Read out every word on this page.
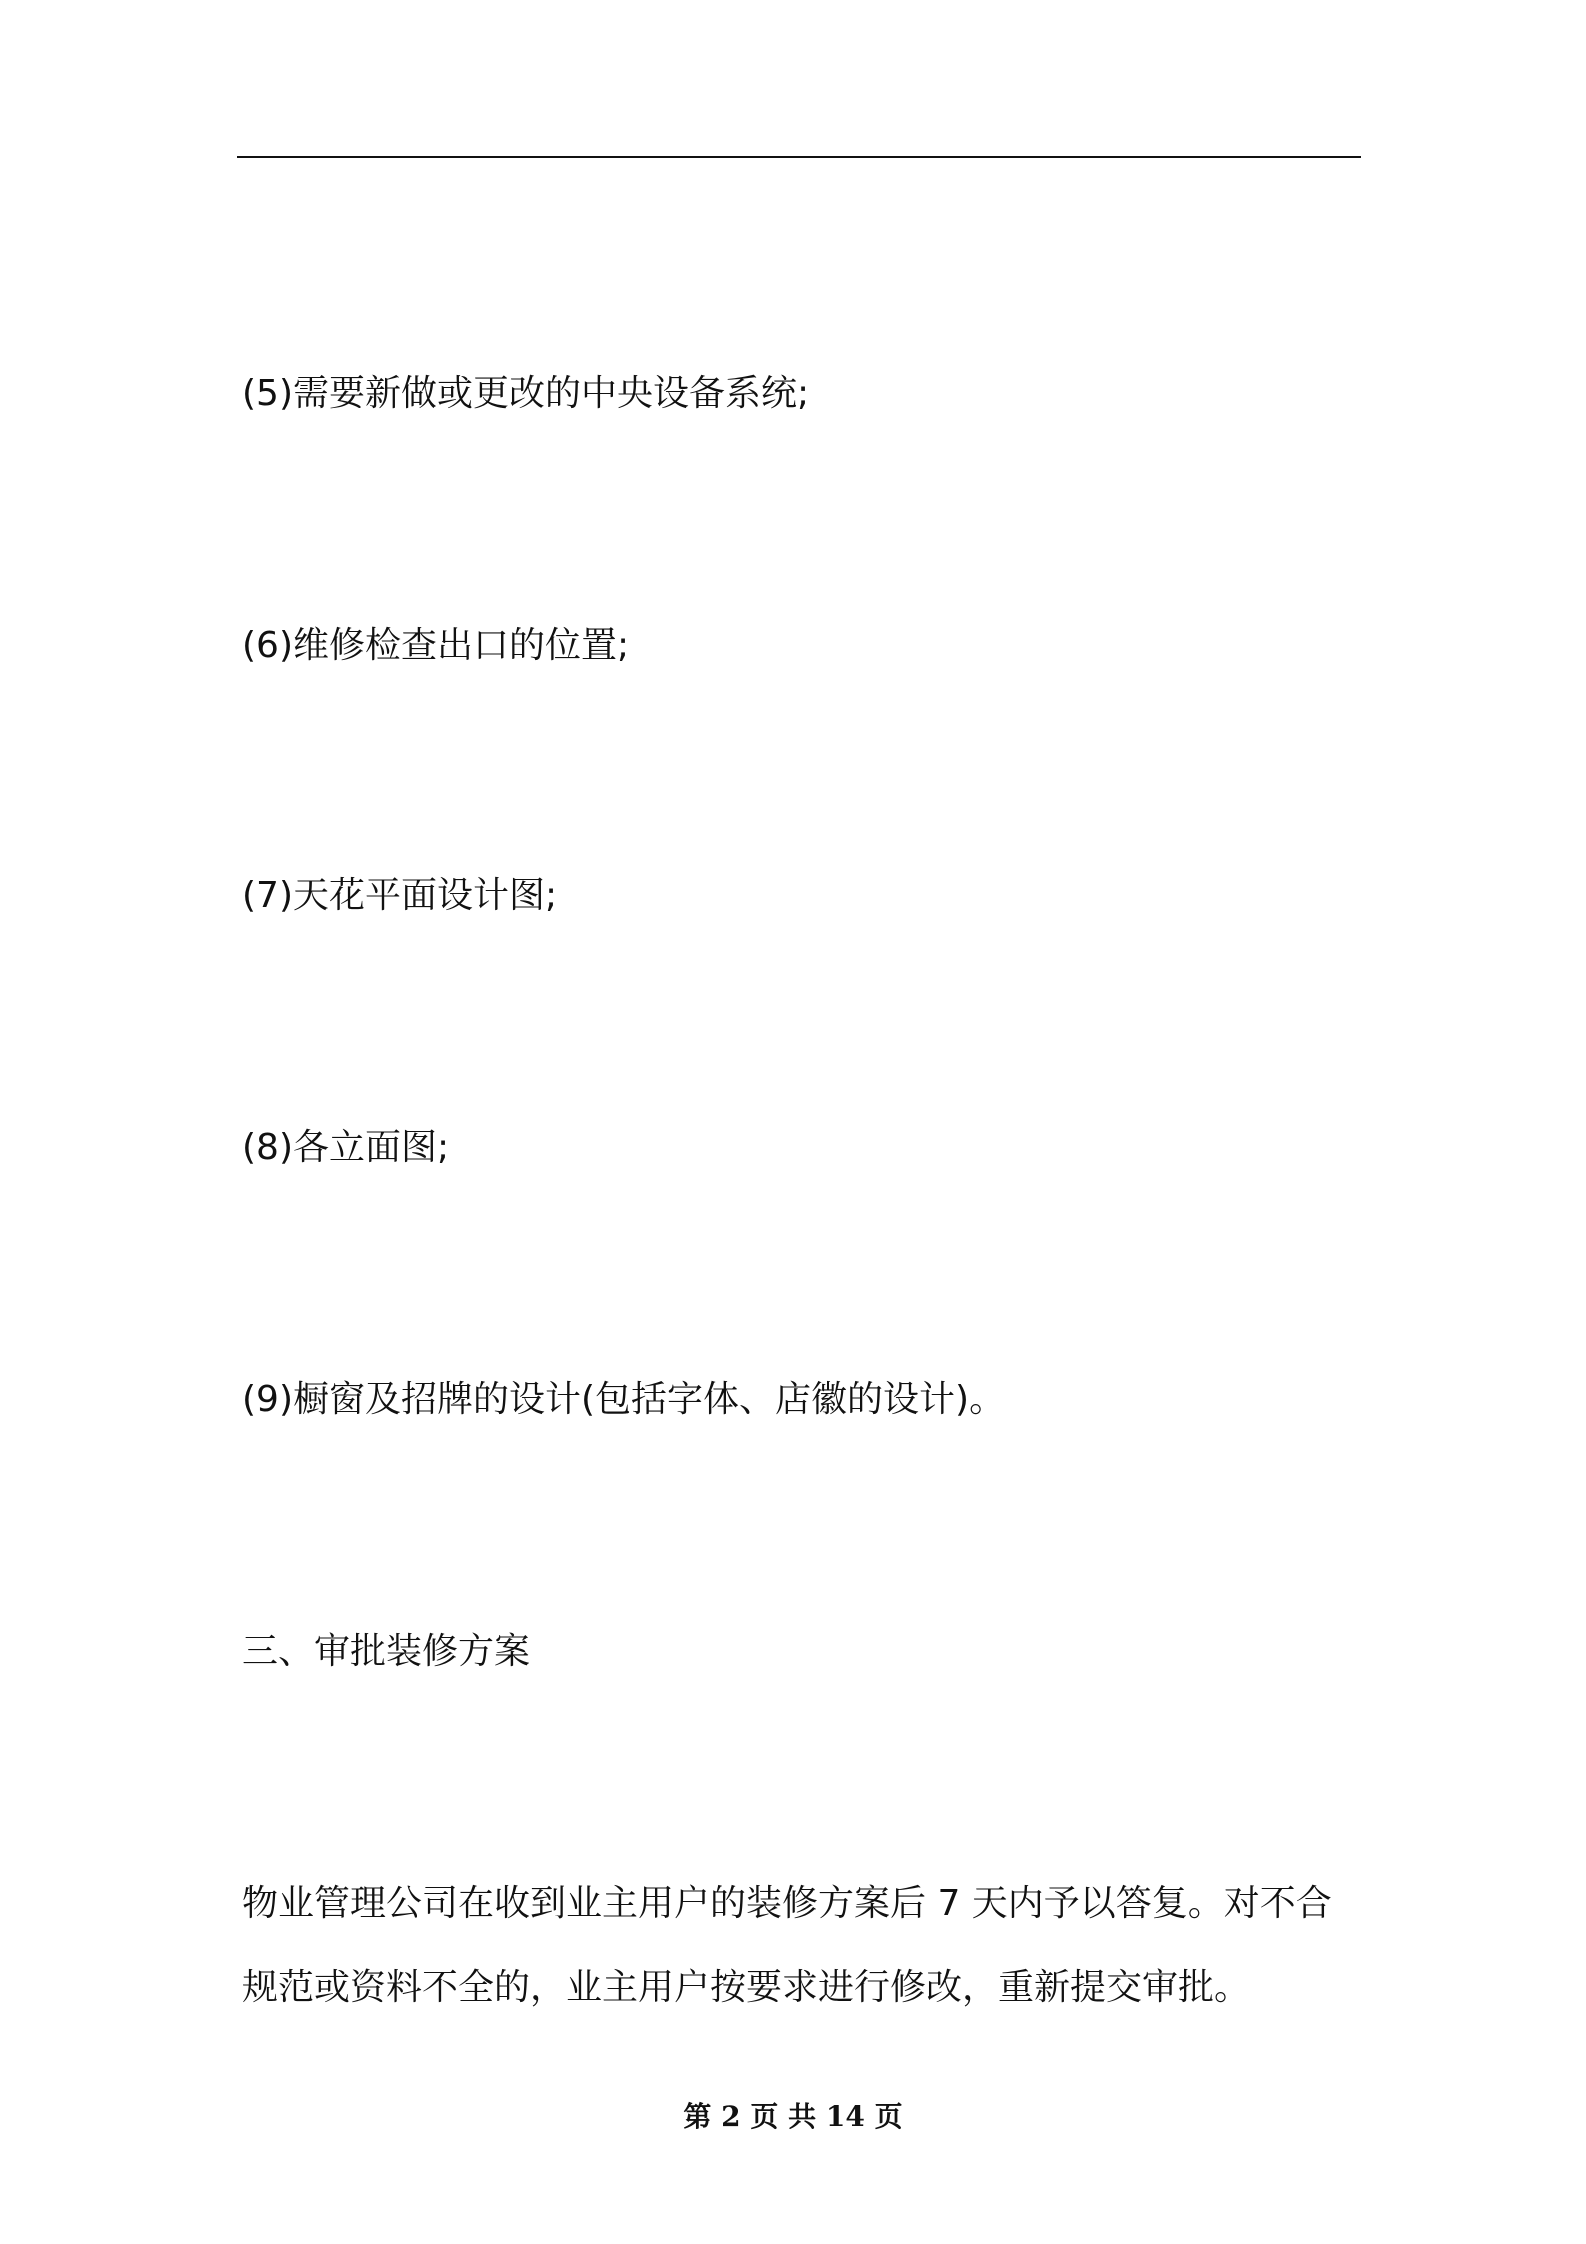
(5)需要新做或更改的中央设备系统;
(6)维修检查出口的位置;
(7)天花平面设计图;
(8)各立面图;
(9)橱窗及招牌的设计(包括字体、店徽的设计)。
三、审批装修方案
物业管理公司在收到业主用户的装修方案后 7 天内予以答复。对不合
规范或资料不全的，业主用户按要求进行修改，重新提交审批。
第 2 页 共 14 页
